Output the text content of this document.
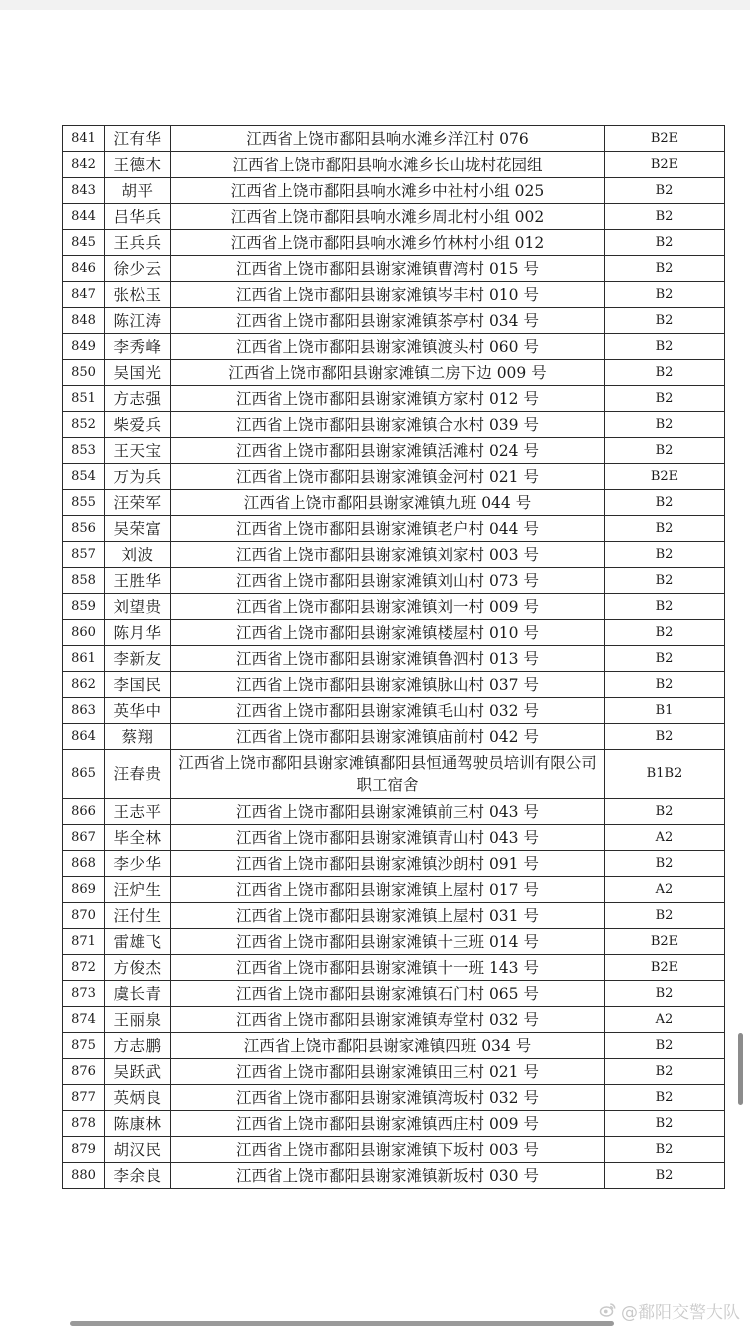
841	江有华	江西省上饶市鄱阳县响水滩乡洋江村 076	B2E
842	王德木	江西省上饶市鄱阳县响水滩乡长山垅村花园组	B2E
843	胡平	江西省上饶市鄱阳县响水滩乡中社村小组 025	B2
844	吕华兵	江西省上饶市鄱阳县响水滩乡周北村小组 002	B2
845	王兵兵	江西省上饶市鄱阳县响水滩乡竹林村小组 012	B2
846	徐少云	江西省上饶市鄱阳县谢家滩镇曹湾村 015 号	B2
847	张松玉	江西省上饶市鄱阳县谢家滩镇岑丰村 010 号	B2
848	陈江涛	江西省上饶市鄱阳县谢家滩镇茶亭村 034 号	B2
849	李秀峰	江西省上饶市鄱阳县谢家滩镇渡头村 060 号	B2
850	吴国光	江西省上饶市鄱阳县谢家滩镇二房下边 009 号	B2
851	方志强	江西省上饶市鄱阳县谢家滩镇方家村 012 号	B2
852	柴爱兵	江西省上饶市鄱阳县谢家滩镇合水村 039 号	B2
853	王天宝	江西省上饶市鄱阳县谢家滩镇活滩村 024 号	B2
854	万为兵	江西省上饶市鄱阳县谢家滩镇金河村 021 号	B2E
855	汪荣军	江西省上饶市鄱阳县谢家滩镇九班 044 号	B2
856	吴荣富	江西省上饶市鄱阳县谢家滩镇老户村 044 号	B2
857	刘波	江西省上饶市鄱阳县谢家滩镇刘家村 003 号	B2
858	王胜华	江西省上饶市鄱阳县谢家滩镇刘山村 073 号	B2
859	刘望贵	江西省上饶市鄱阳县谢家滩镇刘一村 009 号	B2
860	陈月华	江西省上饶市鄱阳县谢家滩镇楼屋村 010 号	B2
861	李新友	江西省上饶市鄱阳县谢家滩镇鲁泗村 013 号	B2
862	李国民	江西省上饶市鄱阳县谢家滩镇脉山村 037 号	B2
863	英华中	江西省上饶市鄱阳县谢家滩镇毛山村 032 号	B1
864	蔡翔	江西省上饶市鄱阳县谢家滩镇庙前村 042 号	B2
865	汪春贵	江西省上饶市鄱阳县谢家滩镇鄱阳县恒通驾驶员培训有限公司职工宿舍	B1B2
866	王志平	江西省上饶市鄱阳县谢家滩镇前三村 043 号	B2
867	毕全林	江西省上饶市鄱阳县谢家滩镇青山村 043 号	A2
868	李少华	江西省上饶市鄱阳县谢家滩镇沙朗村 091 号	B2
869	汪炉生	江西省上饶市鄱阳县谢家滩镇上屋村 017 号	A2
870	汪付生	江西省上饶市鄱阳县谢家滩镇上屋村 031 号	B2
871	雷雄飞	江西省上饶市鄱阳县谢家滩镇十三班 014 号	B2E
872	方俊杰	江西省上饶市鄱阳县谢家滩镇十一班 143 号	B2E
873	虞长青	江西省上饶市鄱阳县谢家滩镇石门村 065 号	B2
874	王丽泉	江西省上饶市鄱阳县谢家滩镇寿堂村 032 号	A2
875	方志鹏	江西省上饶市鄱阳县谢家滩镇四班 034 号	B2
876	吴跃武	江西省上饶市鄱阳县谢家滩镇田三村 021 号	B2
877	英炳良	江西省上饶市鄱阳县谢家滩镇湾坂村 032 号	B2
878	陈康林	江西省上饶市鄱阳县谢家滩镇西庄村 009 号	B2
879	胡汉民	江西省上饶市鄱阳县谢家滩镇下坂村 003 号	B2
880	李余良	江西省上饶市鄱阳县谢家滩镇新坂村 030 号	B2
@鄱阳交警大队
